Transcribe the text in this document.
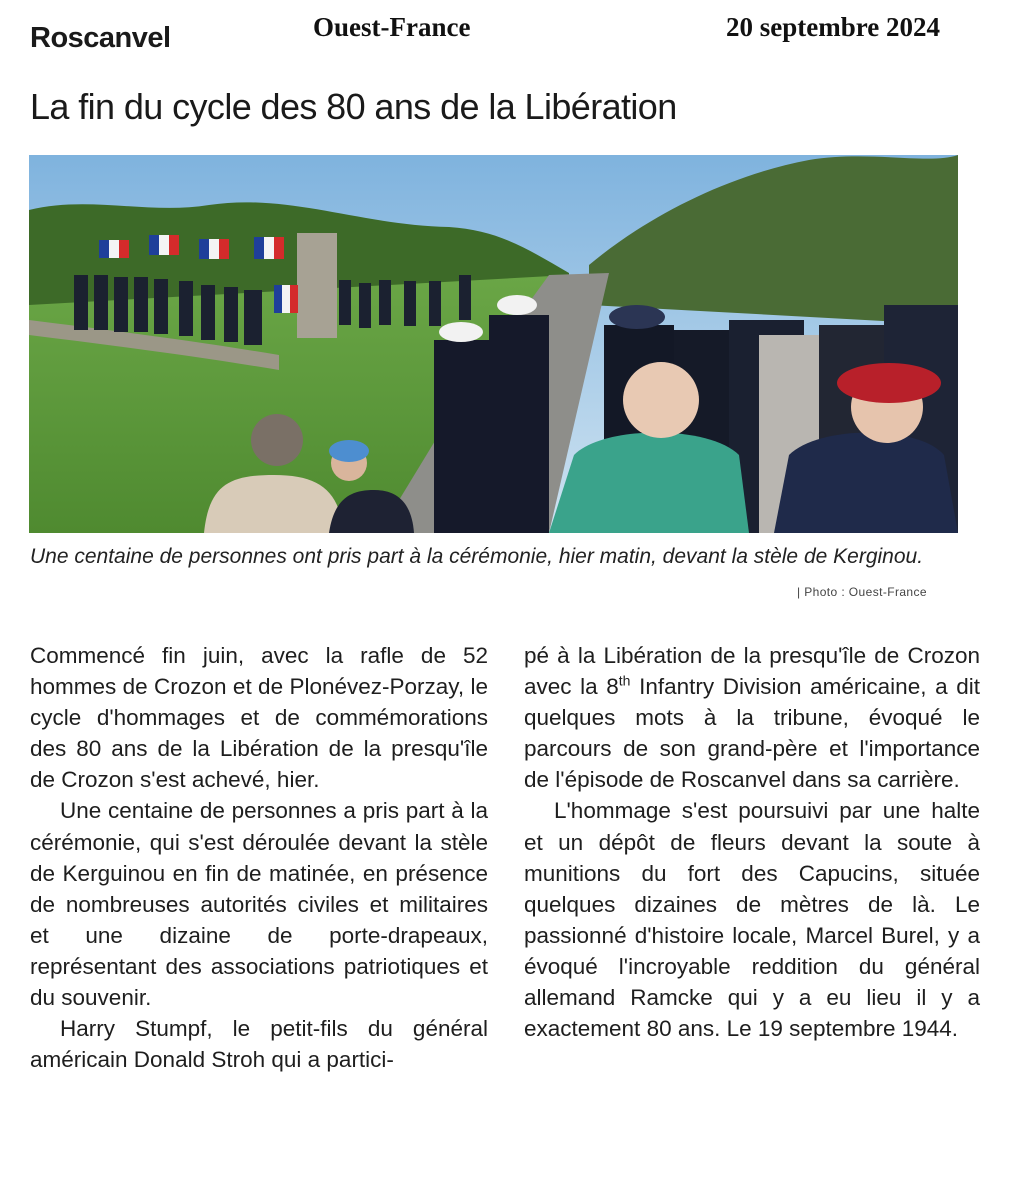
Roscanvel	Ouest-France	20 septembre 2024
La fin du cycle des 80 ans de la Libération
Une centaine de personnes ont pris part à la cérémonie, hier matin, devant la stèle de Kerginou.
| Photo : Ouest-France

Commencé fin juin, avec la rafle de 52 hommes de Crozon et de Plonévez-Porzay, le cycle d'hommages et de commémorations des 80 ans de la Libération de la presqu'île de Crozon s'est achevé, hier.

Une centaine de personnes a pris part à la cérémonie, qui s'est déroulée devant la stèle de Kerguinou en fin de matinée, en présence de nombreuses autorités civiles et militaires et une dizaine de porte-drapeaux, représentant des associations patriotiques et du souvenir.

Harry Stumpf, le petit-fils du général américain Donald Stroh qui a partici-

pé à la Libération de la presqu'île de Crozon avec la 8th Infantry Division américaine, a dit quelques mots à la tribune, évoqué le parcours de son grand-père et l'importance de l'épisode de Roscanvel dans sa carrière.

L'hommage s'est poursuivi par une halte et un dépôt de fleurs devant la soute à munitions du fort des Capucins, située quelques dizaines de mètres de là. Le passionné d'histoire locale, Marcel Burel, y a évoqué l'incroyable reddition du général allemand Ramcke qui y a eu lieu il y a exactement 80 ans. Le 19 septembre 1944.
